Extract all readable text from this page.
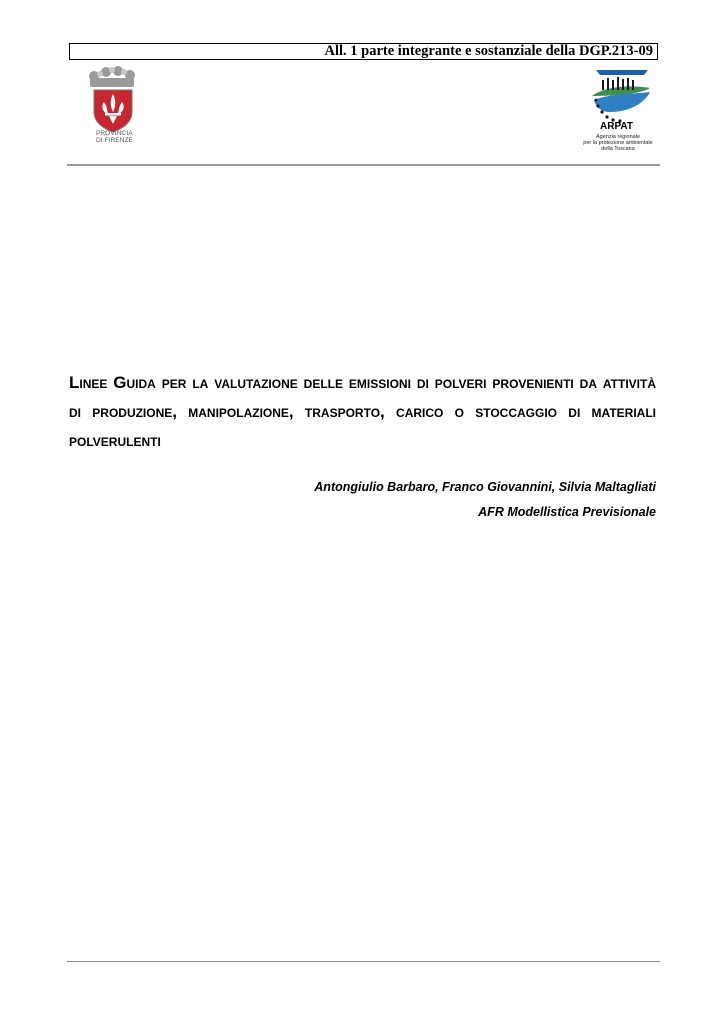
All. 1 parte integrante e sostanziale della DGP.213-09
PROVINCIA
DI FIRENZE
ARPAT
Agenzia regionale
per la protezione ambientale
della Toscana
Linee Guida per la valutazione delle emissioni di polveri provenienti da attività di produzione, manipolazione, trasporto, carico o stoccaggio di materiali polverulenti
Antongiulio Barbaro, Franco Giovannini, Silvia Maltagliati
AFR Modellistica Previsionale
